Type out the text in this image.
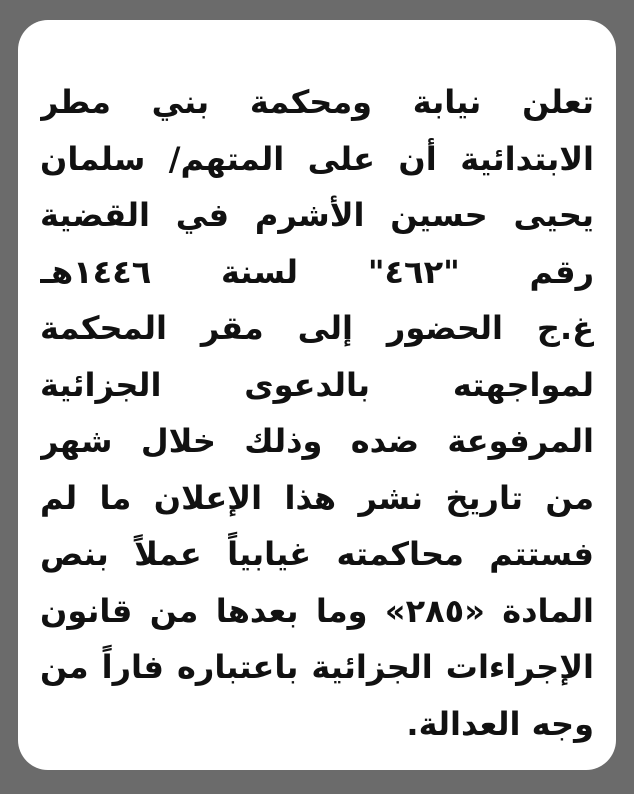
تعلن نيابة ومحكمة بني مطر
الابتدائية أن على المتهم/ سلمان
يحيى حسين الأشرم في القضية
رقم "٤٦٢" لسنة ١٤٤٦هـ
غ.ج الحضور إلى مقر المحكمة
لمواجهته بالدعوى الجزائية
المرفوعة ضده وذلك خلال شهر
من تاريخ نشر هذا الإعلان ما لم
فستتم محاكمته غيابياً عملاً بنص
المادة «٢٨٥» وما بعدها من قانون
الإجراءات الجزائية باعتباره فاراً من
وجه العدالة.
